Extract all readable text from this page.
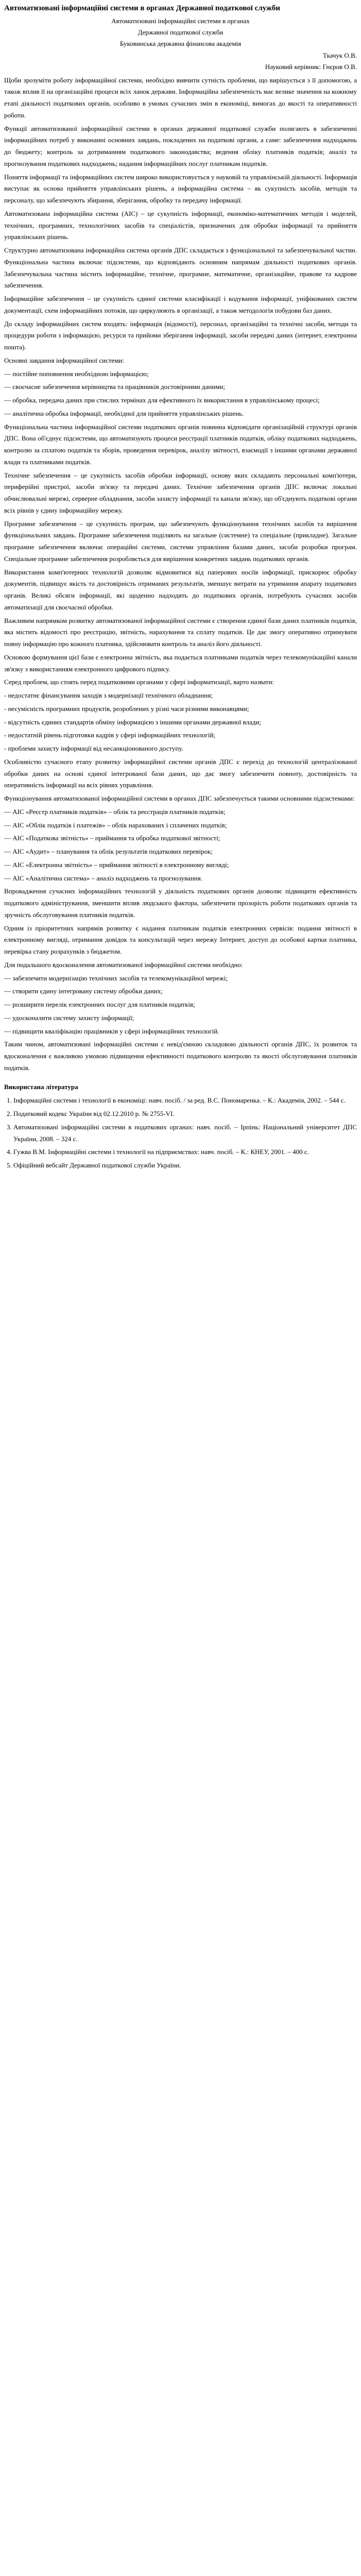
Автоматизовані інформаційні системи в органах Державної податкової служби

Автоматизовані інформаційні системи в органах

Державної податкової служби

Буковинська державна фінансова академія

Ткачук О.В.

Науковий керівник: Гнєров О.В.

Щоби зрозуміти роботу інформаційної системи, необхідно вивчити сутність проблеми, що вирішується з її допомогою, а також вплив її на організаційні процеси всіх ланок держави. Інформаційна забезпеченість має велике значення на кожному етапі діяльності податкових органів, особливо в умовах сучасних змін в економіці, вимогах до якості та оперативності роботи.

Функції автоматизованої інформаційної системи в органах державної податкової служби полягають в забезпеченні інформаційних потреб у виконанні основних завдань, покладених на податкові органи, а саме: забезпечення надходжень до бюджету; контроль за дотриманням податкового законодавства; ведення обліку платників податків; аналіз та прогнозування податкових надходжень; надання інформаційних послуг платникам податків.

Поняття інформації та інформаційних систем широко використовується у науковій та управлінській діяльності. Інформація виступає як основа прийняття управлінських рішень, а інформаційна система – як сукупність засобів, методів та персоналу, що забезпечують збирання, зберігання, обробку та передачу інформації.

Автоматизована інформаційна система (АІС) – це сукупність інформації, економіко-математичних методів і моделей, технічних, програмних, технологічних засобів та спеціалістів, призначених для обробки інформації та прийняття управлінських рішень.

Структурно автоматизована інформаційна система органів ДПС складається з функціональної та забезпечувальної частин. Функціональна частина включає підсистеми, що відповідають основним напрямам діяльності податкових органів. Забезпечувальна частина містить інформаційне, технічне, програмне, математичне, організаційне, правове та кадрове забезпечення.

Інформаційне забезпечення – це сукупність єдиної системи класифікації і кодування інформації, уніфікованих систем документації, схем інформаційних потоків, що циркулюють в організації, а також методологія побудови баз даних.

До складу інформаційних систем входять: інформація (відомості), персонал, організаційні та технічні засоби, методи та процедури роботи з інформацією, ресурси та прийоми зберігання інформації, засоби передачі даних (інтернет, електронна пошта).

Основні завдання інформаційної системи:

— постійне поповнення необхідною інформацією;

— своєчасне забезпечення керівництва та працівників достовірними даними;

— обробка, передача даних при стислих термінах для ефективного їх використання в управлінському процесі;

— аналітична обробка інформації, необхідної для прийняття управлінських рішень.

Функціональна частина інформаційної системи податкових органів повинна відповідати організаційній структурі органів ДПС. Вона об'єднує підсистеми, що автоматизують процеси реєстрації платників податків, обліку податкових надходжень, контролю за сплатою податків та зборів, проведення перевірок, аналізу звітності, взаємодії з іншими органами державної влади та платниками податків.

Технічне забезпечення – це сукупність засобів обробки інформації, основу яких складають персональні комп'ютери, периферійні пристрої, засоби зв'язку та передачі даних. Технічне забезпечення органів ДПС включає локальні обчислювальні мережі, серверне обладнання, засоби захисту інформації та канали зв'язку, що об'єднують податкові органи всіх рівнів у єдину інформаційну мережу.

Програмне забезпечення – це сукупність програм, що забезпечують функціонування технічних засобів та вирішення функціональних завдань. Програмне забезпечення поділяють на загальне (системне) та спеціальне (прикладне). Загальне програмне забезпечення включає операційні системи, системи управління базами даних, засоби розробки програм. Спеціальне програмне забезпечення розробляється для вирішення конкретних завдань податкових органів.

Використання комп'ютерних технологій дозволяє відмовитися від паперових носіїв інформації, прискорює обробку документів, підвищує якість та достовірність отриманих результатів, зменшує витрати на утримання апарату податкових органів. Великі обсяги інформації, які щоденно надходять до податкових органів, потребують сучасних засобів автоматизації для своєчасної обробки.

Важливим напрямком розвитку автоматизованої інформаційної системи є створення єдиної бази даних платників податків, яка містить відомості про реєстрацію, звітність, нарахування та сплату податків. Це дає змогу оперативно отримувати повну інформацію про кожного платника, здійснювати контроль та аналіз його діяльності.

Основою формування цієї бази є електронна звітність, яка подається платниками податків через телекомунікаційні канали зв'язку з використанням електронного цифрового підпису.

Серед проблем, що стоять перед податковими органами у сфері інформатизації, варто назвати:

- недостатнє фінансування заходів з модернізації технічного обладнання;

- несумісність програмних продуктів, розроблених у різні часи різними виконавцями;

- відсутність єдиних стандартів обміну інформацією з іншими органами державної влади;

- недостатній рівень підготовки кадрів у сфері інформаційних технологій;

- проблеми захисту інформації від несанкціонованого доступу.

Особливістю сучасного етапу розвитку інформаційної системи органів ДПС є перехід до технологій централізованої обробки даних на основі єдиної інтегрованої бази даних, що дає змогу забезпечити повноту, достовірність та оперативність інформації на всіх рівнях управління.

Функціонування автоматизованої інформаційної системи в органах ДПС забезпечується такими основними підсистемами:

— АІС «Реєстр платників податків» – облік та реєстрація платників податків;

— АІС «Облік податків і платежів» – облік нарахованих і сплачених податків;

— АІС «Податкова звітність» – приймання та обробка податкової звітності;

— АІС «Аудит» – планування та облік результатів податкових перевірок;

— АІС «Електронна звітність» – приймання звітності в електронному вигляді;

— АІС «Аналітична система» – аналіз надходжень та прогнозування.

Впровадження сучасних інформаційних технологій у діяльність податкових органів дозволяє підвищити ефективність податкового адміністрування, зменшити вплив людського фактора, забезпечити прозорість роботи податкових органів та зручність обслуговування платників податків.

Одним із пріоритетних напрямів розвитку є надання платникам податків електронних сервісів: подання звітності в електронному вигляді, отримання довідок та консультацій через мережу Інтернет, доступ до особової картки платника, перевірка стану розрахунків з бюджетом.

Для подальшого вдосконалення автоматизованої інформаційної системи необхідно:

— забезпечити модернізацію технічних засобів та телекомунікаційної мережі;

— створити єдину інтегровану систему обробки даних;

— розширити перелік електронних послуг для платників податків;

— удосконалити систему захисту інформації;

— підвищити кваліфікацію працівників у сфері інформаційних технологій.

Таким чином, автоматизовані інформаційні системи є невід'ємною складовою діяльності органів ДПС, їх розвиток та вдосконалення є важливою умовою підвищення ефективності податкового контролю та якості обслуговування платників податків.

Використана література
1. Інформаційні системи і технології в економіці: навч. посіб. / за ред. В.С. Пономаренка. – К.: Академія, 2002. – 544 с.
2. Податковий кодекс України від 02.12.2010 р. № 2755-VI.
3. Автоматизовані інформаційні системи в податкових органах: навч. посіб. – Ірпінь: Національний університет ДПС України, 2008. – 324 с.
4. Гужва В.М. Інформаційні системи і технології на підприємствах: навч. посіб. – К.: КНЕУ, 2001. – 400 с.
5. Офіційний вебсайт Державної податкової служби України.
